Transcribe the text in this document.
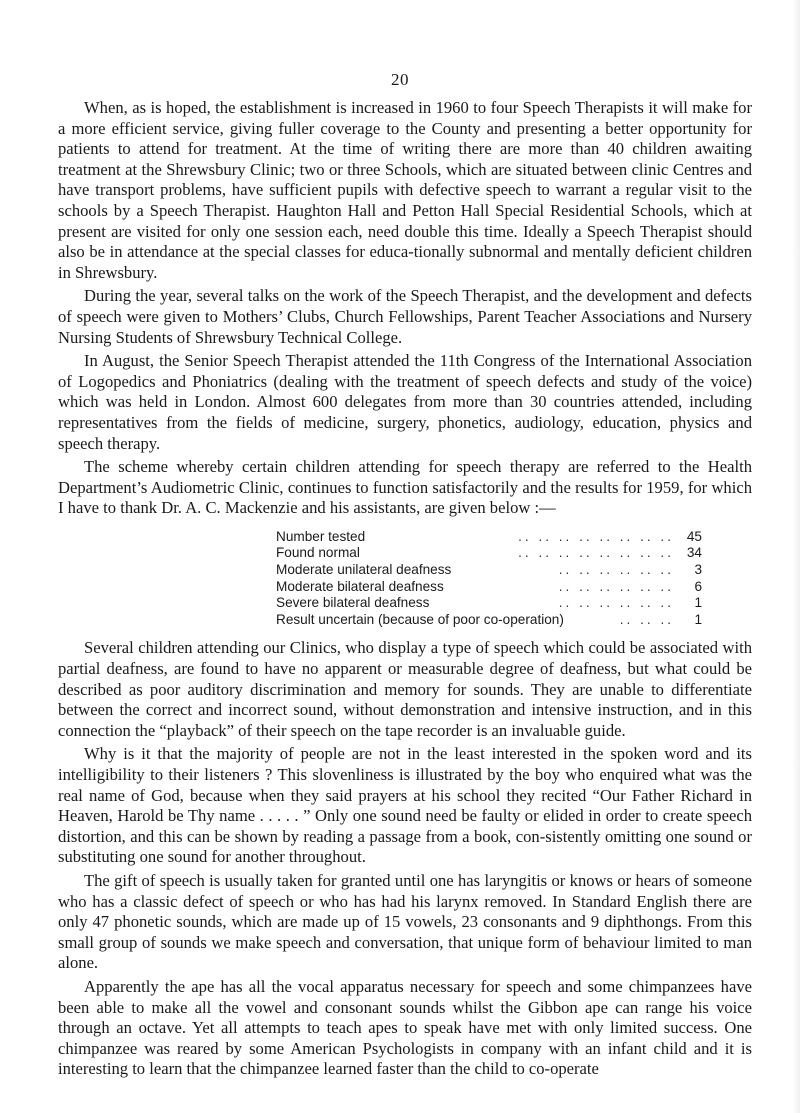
20

When, as is hoped, the establishment is increased in 1960 to four Speech Therapists it will make for a more efficient service, giving fuller coverage to the County and presenting a better opportunity for patients to attend for treatment. At the time of writing there are more than 40 children awaiting treatment at the Shrewsbury Clinic; two or three Schools, which are situated between clinic Centres and have transport problems, have sufficient pupils with defective speech to warrant a regular visit to the schools by a Speech Therapist. Haughton Hall and Petton Hall Special Residential Schools, which at present are visited for only one session each, need double this time. Ideally a Speech Therapist should also be in attendance at the special classes for educa-tionally subnormal and mentally deficient children in Shrewsbury.

During the year, several talks on the work of the Speech Therapist, and the development and defects of speech were given to Mothers’ Clubs, Church Fellowships, Parent Teacher Associations and Nursery Nursing Students of Shrewsbury Technical College.

In August, the Senior Speech Therapist attended the 11th Congress of the International Association of Logopedics and Phoniatrics (dealing with the treatment of speech defects and study of the voice) which was held in London. Almost 600 delegates from more than 30 countries attended, including representatives from the fields of medicine, surgery, phonetics, audiology, education, physics and speech therapy.

The scheme whereby certain children attending for speech therapy are referred to the Health Department’s Audiometric Clinic, continues to function satisfactorily and the results for 1959, for which I have to thank Dr. A. C. Mackenzie and his assistants, are given below :—

Number tested	.. .. .. .. .. .. .. .. 45
Found normal	.. .. .. .. .. .. .. .. 34
Moderate unilateral deafness	.. .. .. .. .. ..	3
Moderate bilateral deafness	.. .. .. .. .. ..	6
Severe bilateral deafness	.. .. .. .. .. ..	1
Result uncertain (because of poor co-operation)	.. .. ..	1

Several children attending our Clinics, who display a type of speech which could be associated with partial deafness, are found to have no apparent or measurable degree of deafness, but what could be described as poor auditory discrimination and memory for sounds. They are unable to differentiate between the correct and incorrect sound, without demonstration and intensive instruction, and in this connection the “playback” of their speech on the tape recorder is an invaluable guide.

Why is it that the majority of people are not in the least interested in the spoken word and its intelligibility to their listeners ? This slovenliness is illustrated by the boy who enquired what was the real name of God, because when they said prayers at his school they recited “Our Father Richard in Heaven, Harold be Thy name . . . . . ” Only one sound need be faulty or elided in order to create speech distortion, and this can be shown by reading a passage from a book, con-sistently omitting one sound or substituting one sound for another throughout.

The gift of speech is usually taken for granted until one has laryngitis or knows or hears of someone who has a classic defect of speech or who has had his larynx removed. In Standard English there are only 47 phonetic sounds, which are made up of 15 vowels, 23 consonants and 9 diphthongs. From this small group of sounds we make speech and conversation, that unique form of behaviour limited to man alone.

Apparently the ape has all the vocal apparatus necessary for speech and some chimpanzees have been able to make all the vowel and consonant sounds whilst the Gibbon ape can range his voice through an octave. Yet all attempts to teach apes to speak have met with only limited success. One chimpanzee was reared by some American Psychologists in company with an infant child and it is interesting to learn that the chimpanzee learned faster than the child to co-operate
